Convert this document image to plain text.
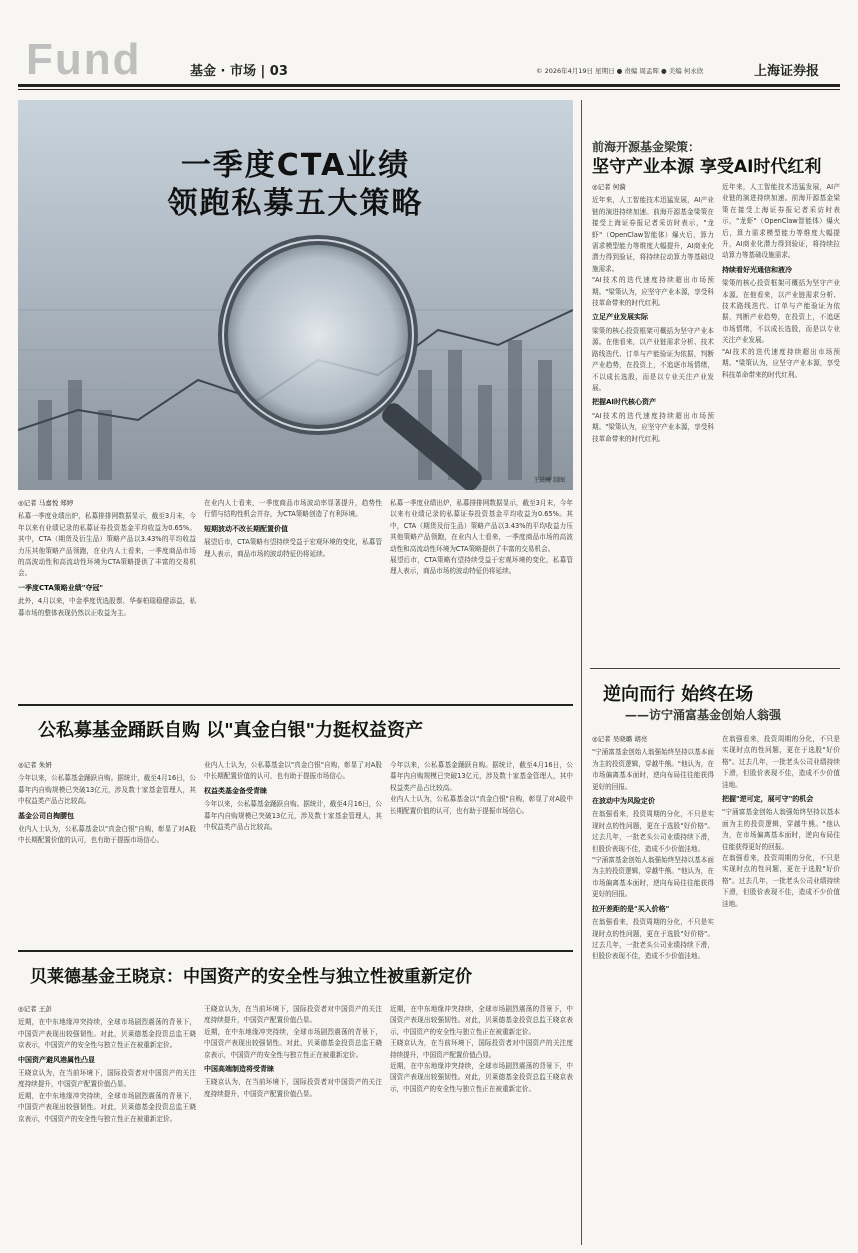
Fund	基金 · 市场 | 03	© 2026年4月19日 星期日 ● 责编 周孟晖 ● 美编 何永欣	上海证券报
一季度CTA业绩
领跑私募五大策略
王晨曦 制图
◎记者 马嘉悦 郑婷

私募一季度业绩出炉，私募排排网数据显示，截至3月末，今年以来有业绩记录的私募证券投资基金平均收益为0.65%。其中，CTA（期货及衍生品）策略产品以3.43%的平均收益力压其他策略产品领跑，在业内人士看来，一季度商品市场的高波动性和高流动性环境为CTA策略提供了丰富的交易机会。

一季度CTA策略业绩"夺冠"

此外，4月以来，中金季度优选股票、华泰柏瑞稳健添益，私募市场的整体表现仍然以正收益为主。

在业内人士看来，一季度商品市场波动率显著提升，趋势性行情与结构性机会并存，为CTA策略创造了有利环境。

短期波动不改长期配置价值

展望后市，CTA策略有望持续受益于宏观环境的变化，私募管理人表示，商品市场的波动特征仍将延续。

私募一季度业绩出炉，私募排排网数据显示，截至3月末，今年以来有业绩记录的私募证券投资基金平均收益为0.65%。其中，CTA（期货及衍生品）策略产品以3.43%的平均收益力压其他策略产品领跑，在业内人士看来，一季度商品市场的高波动性和高流动性环境为CTA策略提供了丰富的交易机会。

展望后市，CTA策略有望持续受益于宏观环境的变化，私募管理人表示，商品市场的波动特征仍将延续。

前海开源基金梁策：
坚守产业本源 享受AI时代红利
◎记者 何漪

近年来，人工智能技术迅猛发展，AI产业链的演进持续加速。前海开源基金梁策在接受上海证券报记者采访时表示，"龙虾"（OpenClaw智能体）爆火后，算力需求模型能力等维度大幅提升，AI商业化潜力得到验证，将持续拉动算力等基础设施需求。

"AI技术的迭代速度持续超出市场预期。"梁策认为，应坚守产业本源，享受科技革命带来的时代红利。

立足产业发展实际

梁策的核心投资框架可概括为坚守产业本源。在他看来，以产业链需求分析、技术路线迭代、订单与产能验证为依据，判断产业趋势，在投资上，不追逐市场情绪，不以成长选股，而是以专业关注产业发展。

把握AI时代核心资产

"AI技术的迭代速度持续超出市场预期。"梁策认为，应坚守产业本源，享受科技革命带来的时代红利。

近年来，人工智能技术迅猛发展，AI产业链的演进持续加速。前海开源基金梁策在接受上海证券报记者采访时表示，"龙虾"（OpenClaw智能体）爆火后，算力需求模型能力等维度大幅提升，AI商业化潜力得到验证，将持续拉动算力等基础设施需求。

持续看好光通信和液冷

梁策的核心投资框架可概括为坚守产业本源。在他看来，以产业链需求分析、技术路线迭代、订单与产能验证为依据，判断产业趋势，在投资上，不追逐市场情绪，不以成长选股，而是以专业关注产业发展。

"AI技术的迭代速度持续超出市场预期。"梁策认为，应坚守产业本源，享受科技革命带来的时代红利。

逆向而行 始终在场
——访宁涌富基金创始人翁强
◎记者 吴晓璐 胡亮

"宁涌富基金创始人翁强始终坚持以基本面为主的投资逻辑，穿越牛熊。"他认为，在市场偏离基本面时，逆向布局往往能获得更好的回报。

在波动中为风险定价

在翁强看来，投资周期的分化，不只是实现时点的性问题，更在于选股"好价格"。过去几年，一批老头公司业绩持续下滑，但股价表现不佳，造成不少价值洼地。

"宁涌富基金创始人翁强始终坚持以基本面为主的投资逻辑，穿越牛熊。"他认为，在市场偏离基本面时，逆向布局往往能获得更好的回报。

拉开差距的是"买入价格"

在翁强看来，投资周期的分化，不只是实现时点的性问题，更在于选股"好价格"。过去几年，一批老头公司业绩持续下滑，但股价表现不佳，造成不少价值洼地。

在翁强看来，投资周期的分化，不只是实现时点的性问题，更在于选股"好价格"。过去几年，一批老头公司业绩持续下滑，但股价表现不佳，造成不少价值洼地。

把握"逆可定，展可守"的机会

"宁涌富基金创始人翁强始终坚持以基本面为主的投资逻辑，穿越牛熊。"他认为，在市场偏离基本面时，逆向布局往往能获得更好的回报。

在翁强看来，投资周期的分化，不只是实现时点的性问题，更在于选股"好价格"。过去几年，一批老头公司业绩持续下滑，但股价表现不佳，造成不少价值洼地。

公私募基金踊跃自购 以"真金白银"力挺权益资产
◎记者 朱妍

今年以来，公私募基金踊跃自购。据统计，截至4月16日，公募年内自购规模已突破13亿元，涉及数十家基金管理人，其中权益类产品占比较高。

基金公司自掏腰包

业内人士认为，公私募基金以"真金白银"自购，彰显了对A股中长期配置价值的认可，也有助于提振市场信心。

业内人士认为，公私募基金以"真金白银"自购，彰显了对A股中长期配置价值的认可，也有助于提振市场信心。

权益类基金备受青睐

今年以来，公私募基金踊跃自购。据统计，截至4月16日，公募年内自购规模已突破13亿元，涉及数十家基金管理人，其中权益类产品占比较高。

今年以来，公私募基金踊跃自购。据统计，截至4月16日，公募年内自购规模已突破13亿元，涉及数十家基金管理人，其中权益类产品占比较高。

业内人士认为，公私募基金以"真金白银"自购，彰显了对A股中长期配置价值的认可，也有助于提振市场信心。

贝莱德基金王晓京：中国资产的安全性与独立性被重新定价
◎记者 王彭

近期，在中东地缘冲突持续，全球市场剧烈震荡的背景下，中国资产表现出较强韧性。对此，贝莱德基金投资总监王晓京表示，中国资产的安全性与独立性正在被重新定价。

中国资产避风港属性凸显

王晓京认为，在当前环境下，国际投资者对中国资产的关注度持续提升，中国资产配置价值凸显。

近期，在中东地缘冲突持续，全球市场剧烈震荡的背景下，中国资产表现出较强韧性。对此，贝莱德基金投资总监王晓京表示，中国资产的安全性与独立性正在被重新定价。

王晓京认为，在当前环境下，国际投资者对中国资产的关注度持续提升，中国资产配置价值凸显。

近期，在中东地缘冲突持续，全球市场剧烈震荡的背景下，中国资产表现出较强韧性。对此，贝莱德基金投资总监王晓京表示，中国资产的安全性与独立性正在被重新定价。

中国高端制造将受青睐

王晓京认为，在当前环境下，国际投资者对中国资产的关注度持续提升，中国资产配置价值凸显。

近期，在中东地缘冲突持续，全球市场剧烈震荡的背景下，中国资产表现出较强韧性。对此，贝莱德基金投资总监王晓京表示，中国资产的安全性与独立性正在被重新定价。

王晓京认为，在当前环境下，国际投资者对中国资产的关注度持续提升，中国资产配置价值凸显。

近期，在中东地缘冲突持续，全球市场剧烈震荡的背景下，中国资产表现出较强韧性。对此，贝莱德基金投资总监王晓京表示，中国资产的安全性与独立性正在被重新定价。
